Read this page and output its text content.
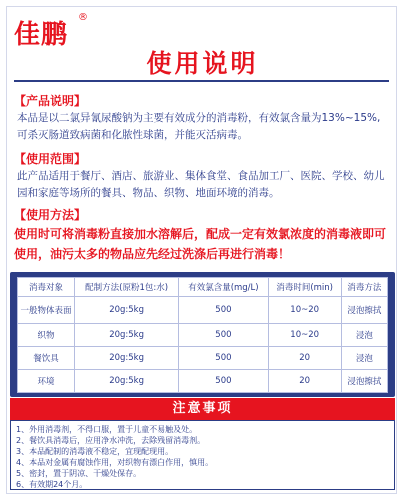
佳鹏
®
使用说明
【产品说明】
本品是以二氯异氰尿酸钠为主要有效成分的消毒粉，有效氯含量为13%~15%,
可杀灭肠道致病菌和化脓性球菌，并能灭活病毒。
【使用范围】
此产品适用于餐厅、酒店、旅游业、集体食堂、食品加工厂、医院、学校、幼儿园和家庭等场所的餐具、物品、织物、地面环境的消毒。
【使用方法】
使用时可将消毒粉直接加水溶解后，配成一定有效氯浓度的消毒液即可使用，油污太多的物品应先经过洗涤后再进行消毒！
消毒对象	配制方法(原粉1包:水)	有效氯含量(mg/L)	消毒时间(min)	消毒方法
一般物体表面	20g:5kg	500	10~20	浸泡擦拭
织物	20g:5kg	500	10~20	浸泡
餐饮具	20g:5kg	500	20	浸泡
环境	20g:5kg	500	20	浸泡擦拭
注意事项
1、外用消毒剂，不得口服，置于儿童不易触及处。
2、餐饮具消毒后，应用净水冲洗，去除残留消毒剂。
3、本品配制的消毒液不稳定，宜现配现用。
4、本品对金属有腐蚀作用，对织物有漂白作用，慎用。
5、密封，置于阴凉、干燥处保存。
6、有效期24个月。
